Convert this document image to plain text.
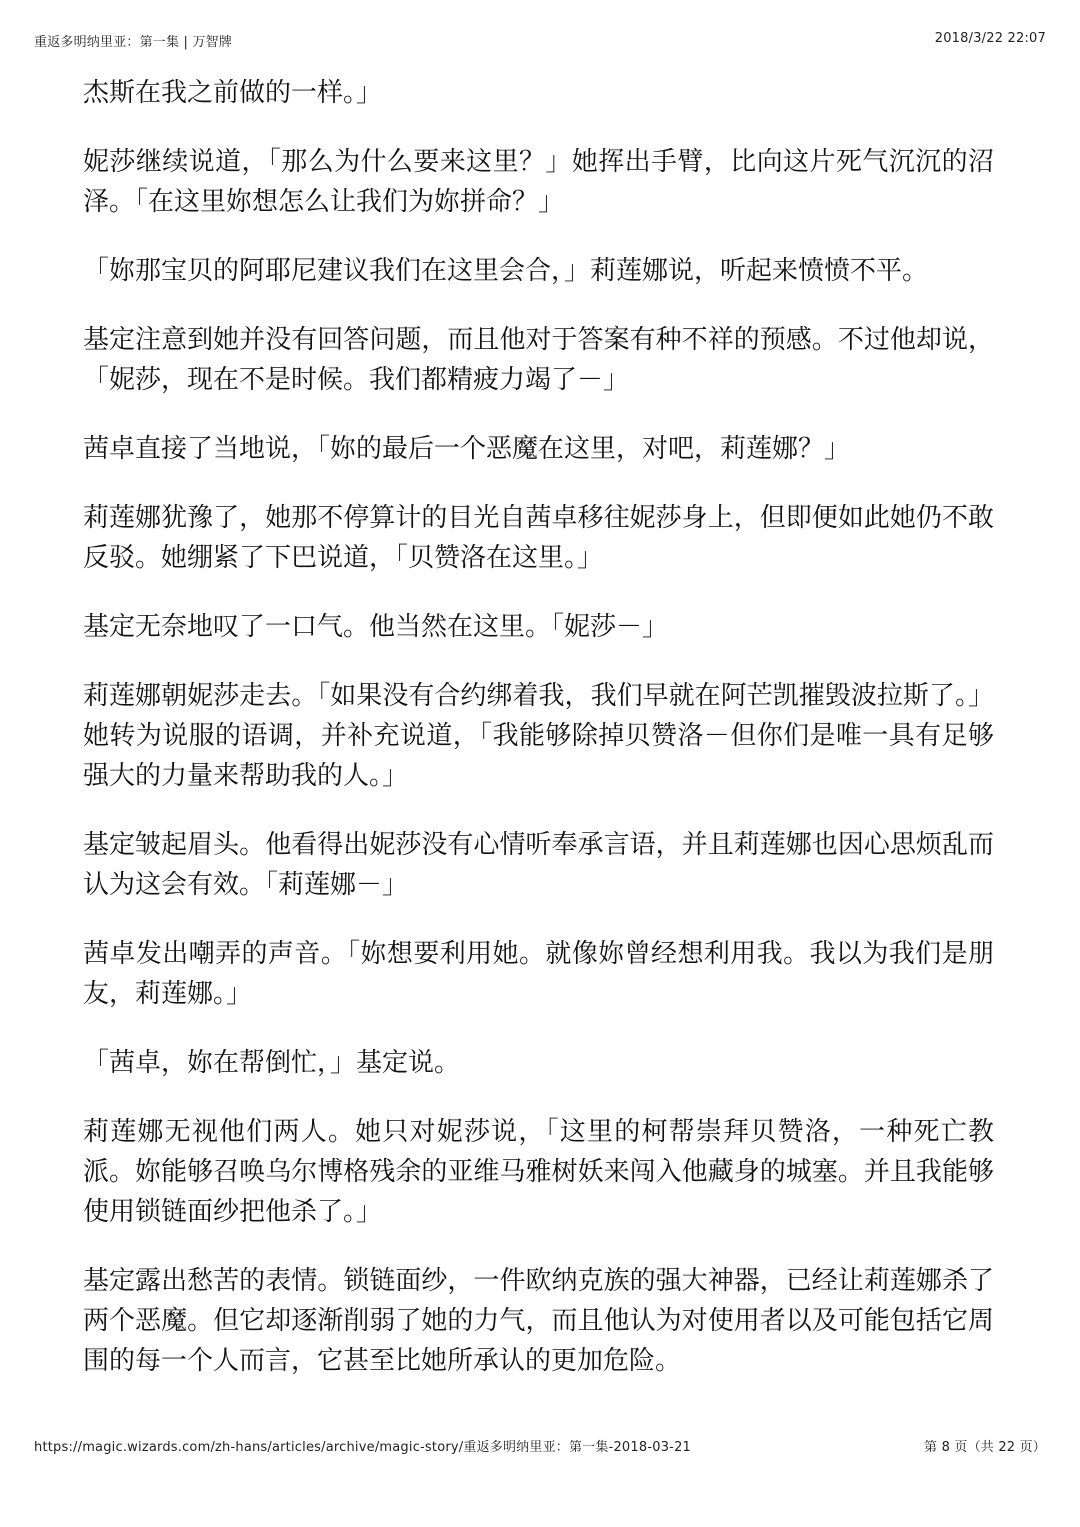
重返多明纳里亚：第一集 | 万智牌	2018/3/22 22:07

杰斯在我之前做的一样。」

妮莎继续说道，「那么为什么要来这里？」她挥出手臂，比向这片死气沉沉的沼泽。「在这里妳想怎么让我们为妳拼命？」

「妳那宝贝的阿耶尼建议我们在这里会合，」莉莲娜说，听起来愤愤不平。

基定注意到她并没有回答问题，而且他对于答案有种不祥的预感。不过他却说，「妮莎，现在不是时候。我们都精疲力竭了－」

茜卓直接了当地说，「妳的最后一个恶魔在这里，对吧，莉莲娜？」

莉莲娜犹豫了，她那不停算计的目光自茜卓移往妮莎身上，但即便如此她仍不敢反驳。她绷紧了下巴说道，「贝赞洛在这里。」

基定无奈地叹了一口气。他当然在这里。「妮莎－」

莉莲娜朝妮莎走去。「如果没有合约绑着我，我们早就在阿芒凯摧毁波拉斯了。」她转为说服的语调，并补充说道，「我能够除掉贝赞洛－但你们是唯一具有足够强大的力量来帮助我的人。」

基定皱起眉头。他看得出妮莎没有心情听奉承言语，并且莉莲娜也因心思烦乱而认为这会有效。「莉莲娜－」

茜卓发出嘲弄的声音。「妳想要利用她。就像妳曾经想利用我。我以为我们是朋友，莉莲娜。」

「茜卓，妳在帮倒忙，」基定说。

莉莲娜无视他们两人。她只对妮莎说，「这里的柯帮崇拜贝赞洛，一种死亡教派。妳能够召唤乌尔博格残余的亚维马雅树妖来闯入他藏身的城塞。并且我能够使用锁链面纱把他杀了。」

基定露出愁苦的表情。锁链面纱，一件欧纳克族的强大神器，已经让莉莲娜杀了两个恶魔。但它却逐渐削弱了她的力气，而且他认为对使用者以及可能包括它周围的每一个人而言，它甚至比她所承认的更加危险。

https://magic.wizards.com/zh-hans/articles/archive/magic-story/重返多明纳里亚：第一集-2018-03-21	第 8 页（共 22 页）
